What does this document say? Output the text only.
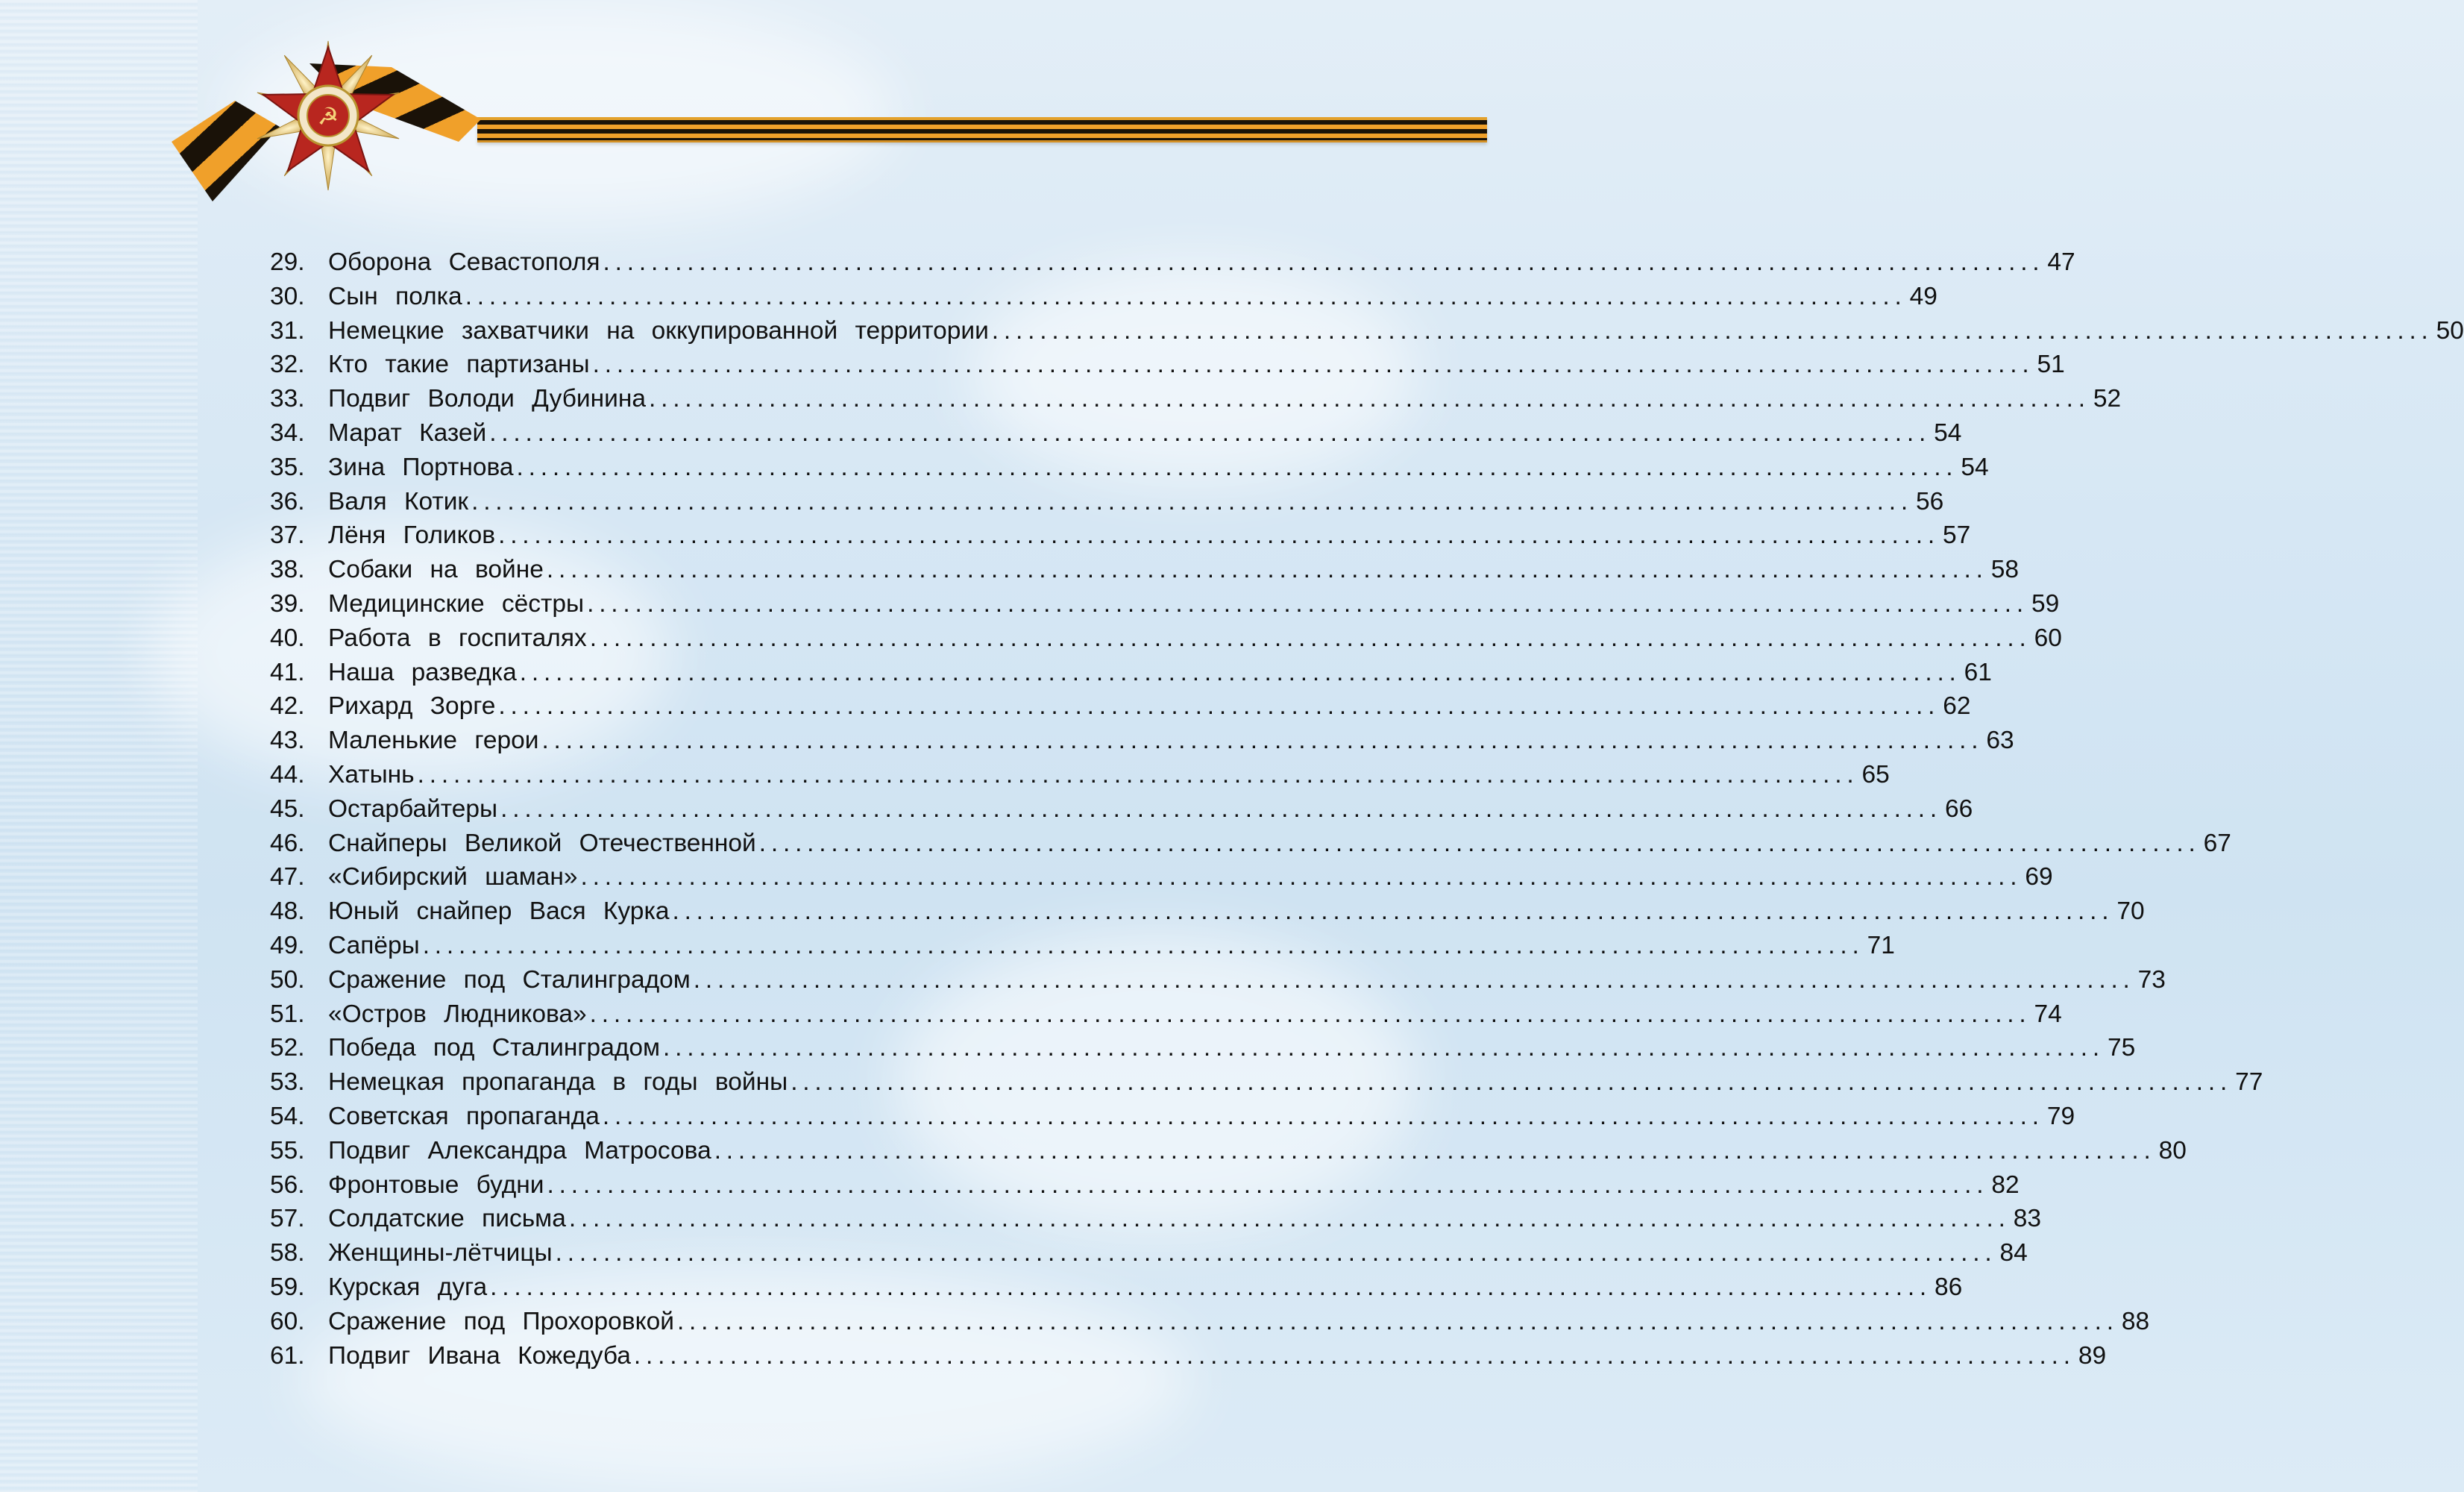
☭
29. Оборона Севастополя ........................................................................................................................ 47
30. Сын полка ........................................................................................................................ 49
31. Немецкие захватчики на оккупированной территории ........................................................................................................................ 50
32. Кто такие партизаны ........................................................................................................................ 51
33. Подвиг Володи Дубинина ........................................................................................................................ 52
34. Марат Казей ........................................................................................................................ 54
35. Зина Портнова ........................................................................................................................ 54
36. Валя Котик ........................................................................................................................ 56
37. Лёня Голиков ........................................................................................................................ 57
38. Собаки на войне ........................................................................................................................ 58
39. Медицинские сёстры ........................................................................................................................ 59
40. Работа в госпиталях ........................................................................................................................ 60
41. Наша разведка ........................................................................................................................ 61
42. Рихард Зорге ........................................................................................................................ 62
43. Маленькие герои ........................................................................................................................ 63
44. Хатынь ........................................................................................................................ 65
45. Остарбайтеры ........................................................................................................................ 66
46. Снайперы Великой Отечественной ........................................................................................................................ 67
47. «Сибирский шаман» ........................................................................................................................ 69
48. Юный снайпер Вася Курка ........................................................................................................................ 70
49. Сапёры ........................................................................................................................ 71
50. Сражение под Сталинградом ........................................................................................................................ 73
51. «Остров Людникова» ........................................................................................................................ 74
52. Победа под Сталинградом ........................................................................................................................ 75
53. Немецкая пропаганда в годы войны ........................................................................................................................ 77
54. Советская пропаганда ........................................................................................................................ 79
55. Подвиг Александра Матросова ........................................................................................................................ 80
56. Фронтовые будни ........................................................................................................................ 82
57. Солдатские письма ........................................................................................................................ 83
58. Женщины-лётчицы ........................................................................................................................ 84
59. Курская дуга ........................................................................................................................ 86
60. Сражение под Прохоровкой ........................................................................................................................ 88
61. Подвиг Ивана Кожедуба ........................................................................................................................ 89
